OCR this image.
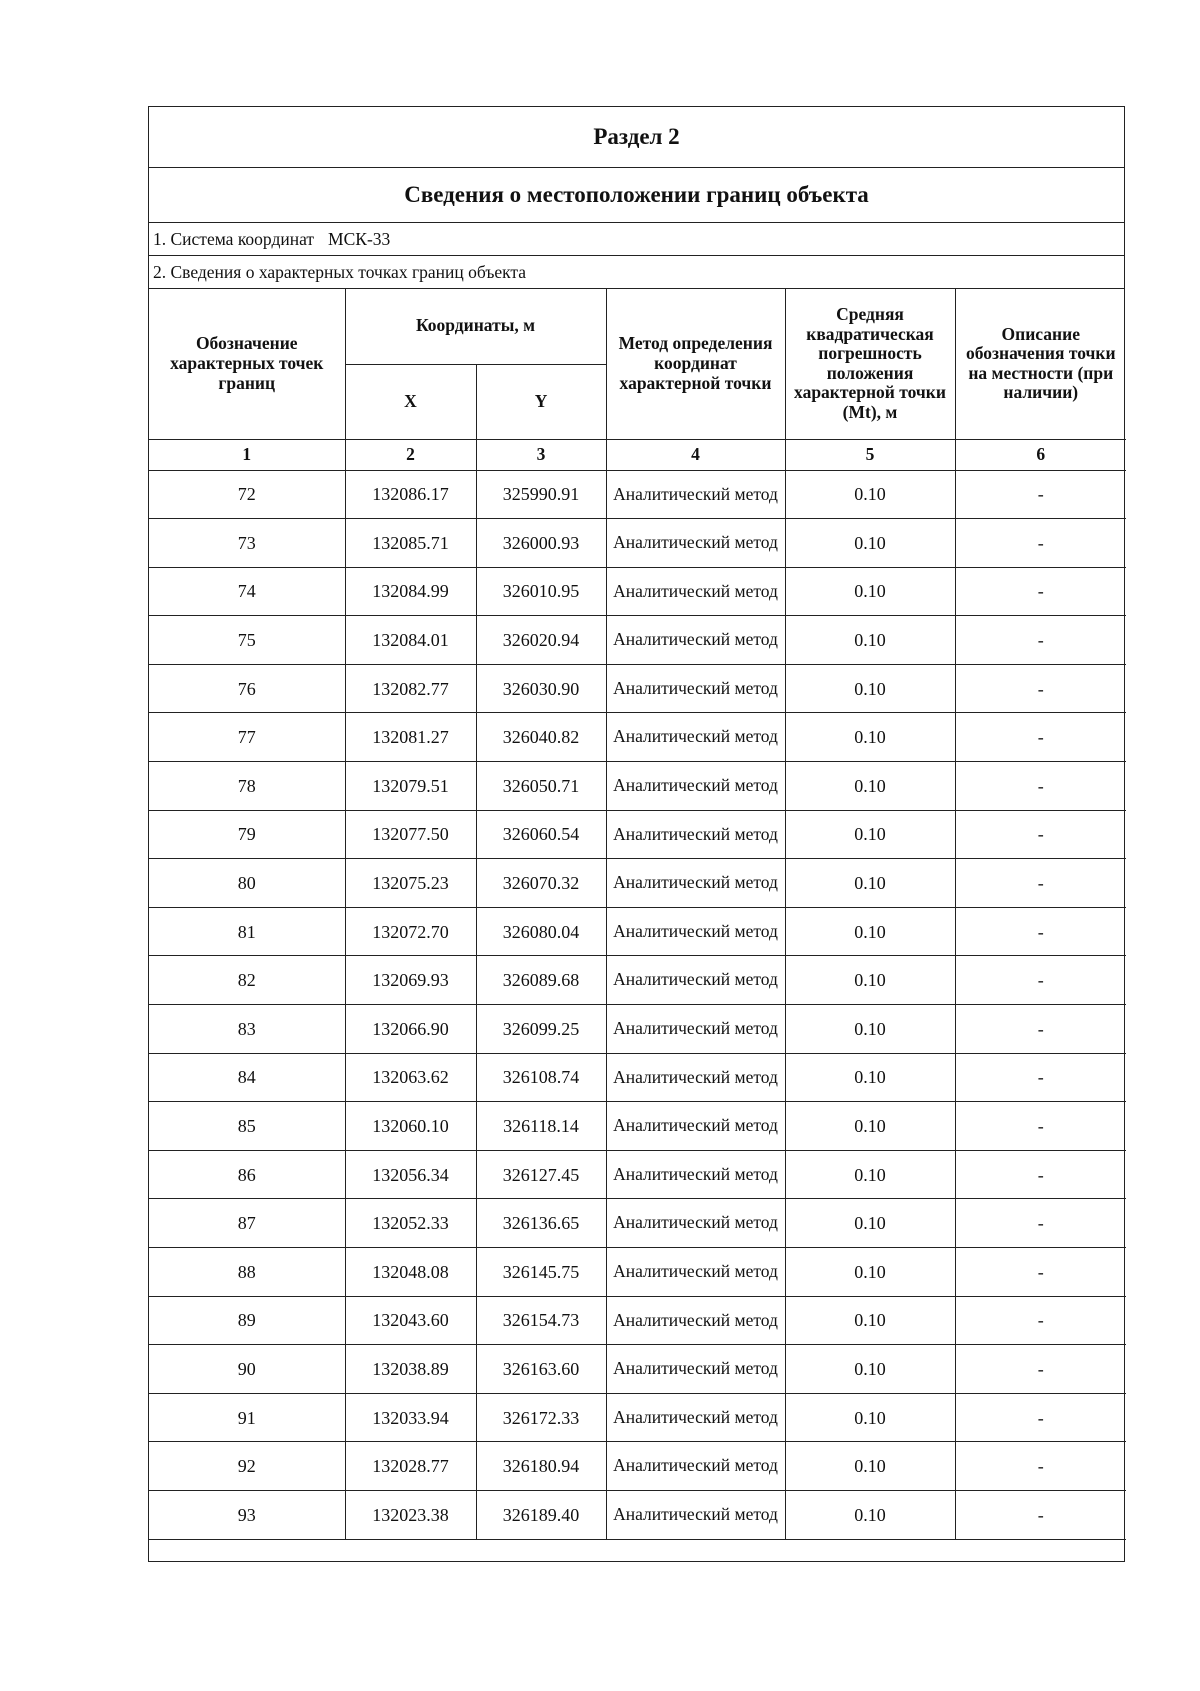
Раздел 2
Сведения о местоположении границ объекта
1. Система координат МСК-33
2. Сведения о характерных точках границ объекта
Обозначение характерных точек границ	Координаты, м		Метод определения координат характерной точки	Средняя квадратическая погрешность положения характерной точки (Mt), м	Описание обозначения точки на местности (при наличии)
	X	Y			
1	2	3	4	5	6
72	132086.17	325990.91	Аналитический метод	0.10	-
73	132085.71	326000.93	Аналитический метод	0.10	-
74	132084.99	326010.95	Аналитический метод	0.10	-
75	132084.01	326020.94	Аналитический метод	0.10	-
76	132082.77	326030.90	Аналитический метод	0.10	-
77	132081.27	326040.82	Аналитический метод	0.10	-
78	132079.51	326050.71	Аналитический метод	0.10	-
79	132077.50	326060.54	Аналитический метод	0.10	-
80	132075.23	326070.32	Аналитический метод	0.10	-
81	132072.70	326080.04	Аналитический метод	0.10	-
82	132069.93	326089.68	Аналитический метод	0.10	-
83	132066.90	326099.25	Аналитический метод	0.10	-
84	132063.62	326108.74	Аналитический метод	0.10	-
85	132060.10	326118.14	Аналитический метод	0.10	-
86	132056.34	326127.45	Аналитический метод	0.10	-
87	132052.33	326136.65	Аналитический метод	0.10	-
88	132048.08	326145.75	Аналитический метод	0.10	-
89	132043.60	326154.73	Аналитический метод	0.10	-
90	132038.89	326163.60	Аналитический метод	0.10	-
91	132033.94	326172.33	Аналитический метод	0.10	-
92	132028.77	326180.94	Аналитический метод	0.10	-
93	132023.38	326189.40	Аналитический метод	0.10	-
